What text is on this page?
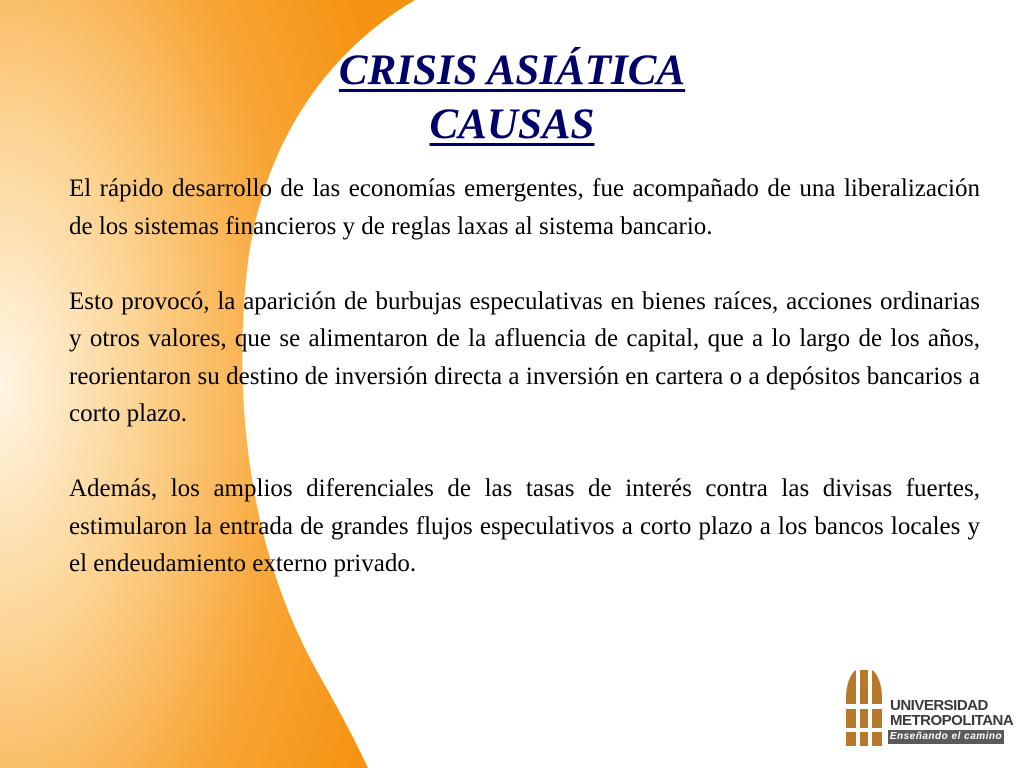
CRISIS ASIÁTICA
CAUSAS

El rápido desarrollo de las economías emergentes, fue acompañado de una liberalización de los sistemas financieros y de reglas laxas al sistema bancario.

Esto provocó, la aparición de burbujas especulativas en bienes raíces, acciones ordinarias y otros valores, que se alimentaron de la afluencia de capital, que a lo largo de los años, reorientaron su destino de inversión directa a inversión en cartera o a depósitos bancarios a corto plazo.

Además, los amplios diferenciales de las tasas de interés contra las divisas fuertes, estimularon la entrada de grandes flujos especulativos a corto plazo a los bancos locales y el endeudamiento externo privado.

UNIVERSIDAD
METROPOLITANA
Enseñando el camino
